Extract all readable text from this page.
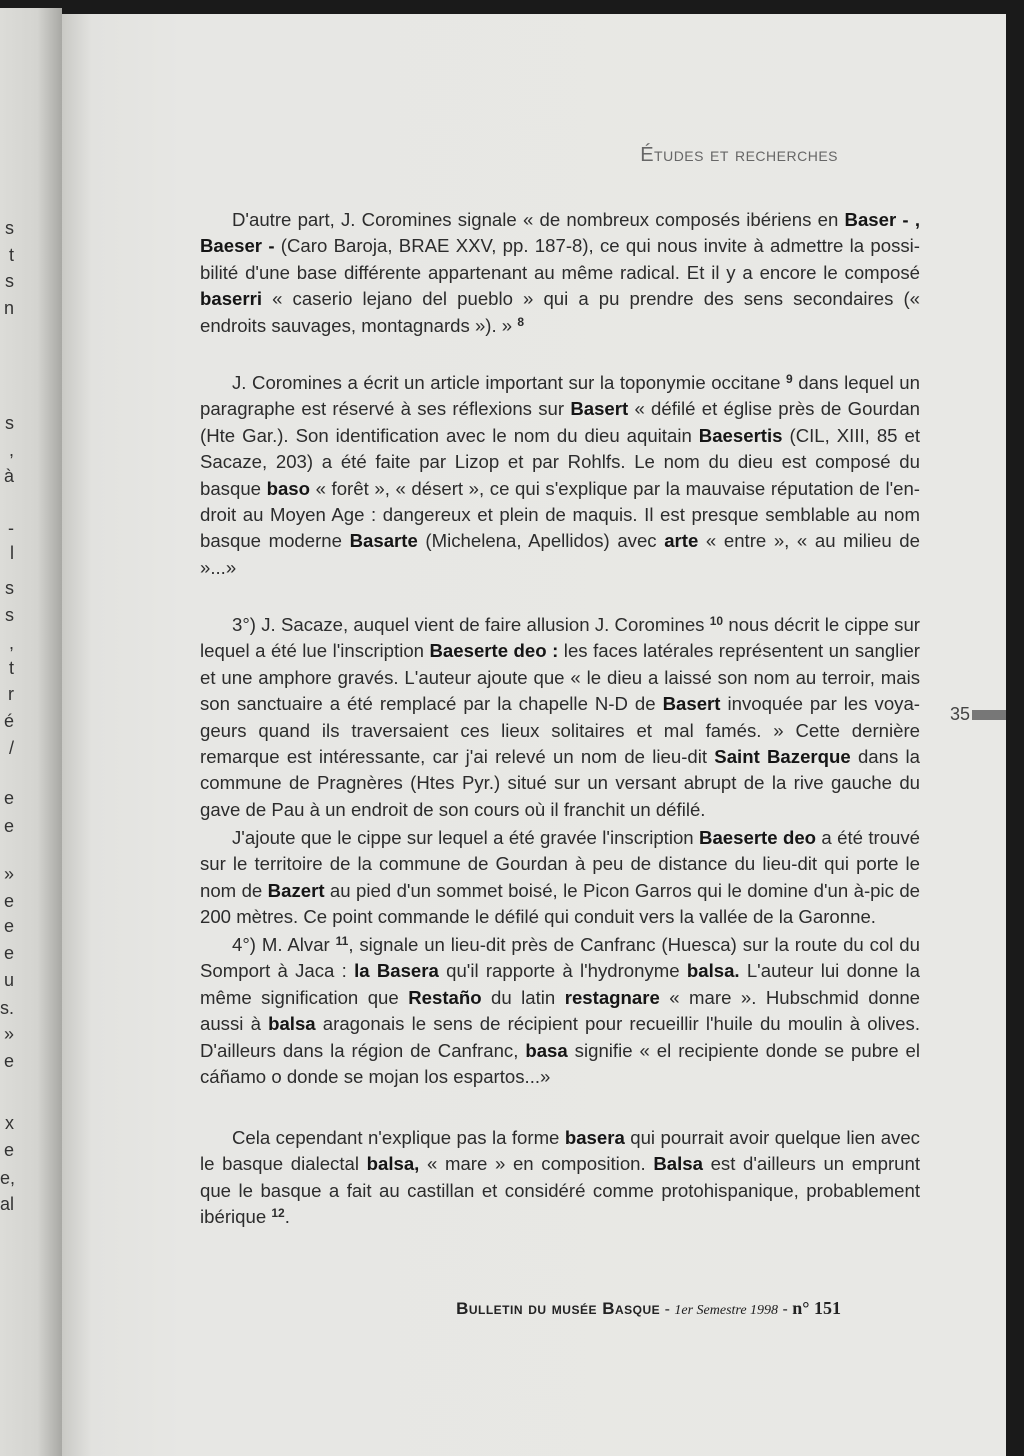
s
t
s
n
s
,
à
-
l
s
s
,
t
r
é
/
e
e
»
e
e
e
u
s.
»
e
x
e
e,
al
Études et recherches
D'autre part, J. Coromines signale « de nombreux composés ibériens en Baser - , Baeser - (Caro Baroja, BRAE XXV, pp. 187-8), ce qui nous invite à admettre la possi-bilité d'une base différente appartenant au même radical. Et il y a encore le composé baserri « caserio lejano del pueblo » qui a pu prendre des sens secondaires (« endroits sauvages, montagnards »). » $^8$
J. Coromines a écrit un article important sur la toponymie occitane $^9$ dans lequel un paragraphe est réservé à ses réflexions sur Basert « défilé et église près de Gourdan (Hte Gar.). Son identification avec le nom du dieu aquitain Baesertis (CIL, XIII, 85 et Sacaze, 203) a été faite par Lizop et par Rohlfs. Le nom du dieu est composé du basque baso « forêt », « désert », ce qui s'explique par la mauvaise réputation de l'en-droit au Moyen Age : dangereux et plein de maquis. Il est presque semblable au nom basque moderne Basarte (Michelena, Apellidos) avec arte « entre », « au milieu de »...»
3°) J. Sacaze, auquel vient de faire allusion J. Coromines $^{10}$ nous décrit le cippe sur lequel a été lue l'inscription Baeserte deo : les faces latérales représentent un sanglier et une amphore gravés. L'auteur ajoute que « le dieu a laissé son nom au terroir, mais son sanctuaire a été remplacé par la chapelle N-D de Basert invoquée par les voya-geurs quand ils traversaient ces lieux solitaires et mal famés. » Cette dernière remarque est intéressante, car j'ai relevé un nom de lieu-dit Saint Bazerque dans la commune de Pragnères (Htes Pyr.) situé sur un versant abrupt de la rive gauche du gave de Pau à un endroit de son cours où il franchit un défilé.
J'ajoute que le cippe sur lequel a été gravée l'inscription Baeserte deo a été trouvé sur le territoire de la commune de Gourdan à peu de distance du lieu-dit qui porte le nom de Bazert au pied d'un sommet boisé, le Picon Garros qui le domine d'un à-pic de 200 mètres. Ce point commande le défilé qui conduit vers la vallée de la Garonne.
4°) M. Alvar $^{11}$, signale un lieu-dit près de Canfranc (Huesca) sur la route du col du Somport à Jaca : la Basera qu'il rapporte à l'hydronyme balsa. L'auteur lui donne la même signification que Restaño du latin restagnare « mare ». Hubschmid donne aussi à balsa aragonais le sens de récipient pour recueillir l'huile du moulin à olives. D'ailleurs dans la région de Canfranc, basa signifie « el recipiente donde se pubre el cáñamo o donde se mojan los espartos...»
Cela cependant n'explique pas la forme basera qui pourrait avoir quelque lien avec le basque dialectal balsa, « mare » en composition. Balsa est d'ailleurs un emprunt que le basque a fait au castillan et considéré comme protohispanique, probablement ibérique $^{12}$.
Bulletin du musée Basque - 1er Semestre 1998 - n° 151
35
